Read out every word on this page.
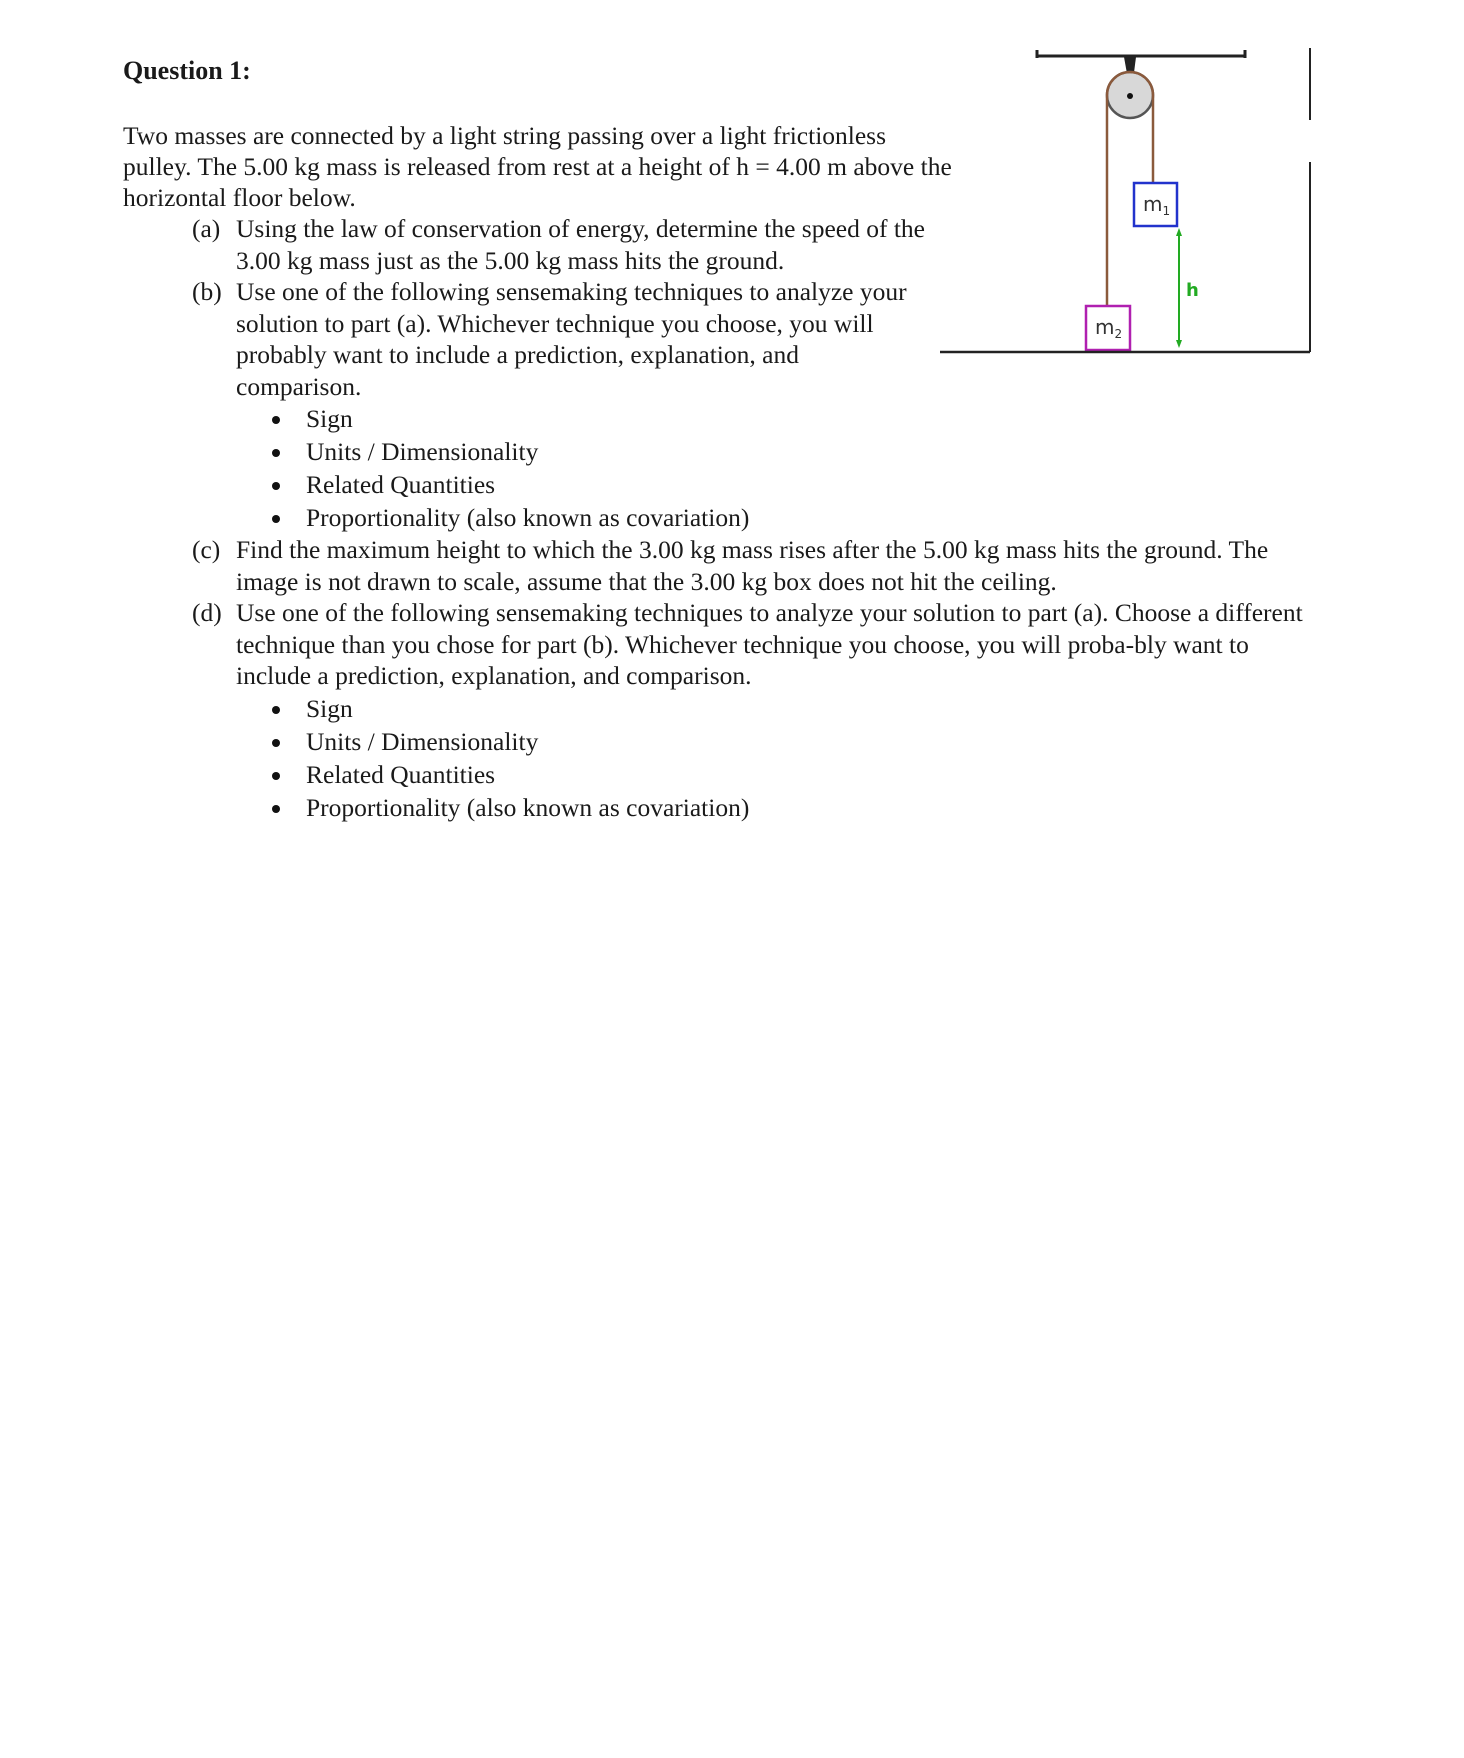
Question 1:

Two masses are connected by a light string passing over a light frictionless pulley. The 5.00 kg mass is released from rest at a height of h = 4.00 m above the horizontal floor below.

(a) Using the law of conservation of energy, determine the speed of the 3.00 kg mass just as the 5.00 kg mass hits the ground.
(b) Use one of the following sensemaking techniques to analyze your solution to part (a). Whichever technique you choose, you will probably want to include a prediction, explanation, and comparison.
Sign
Units / Dimensionality
Related Quantities
Proportionality (also known as covariation)
(c) Find the maximum height to which the 3.00 kg mass rises after the 5.00 kg mass hits the ground. The image is not drawn to scale, assume that the 3.00 kg box does not hit the ceiling.
(d) Use one of the following sensemaking techniques to analyze your solution to part (a). Choose a different technique than you chose for part (b). Whichever technique you choose, you will proba-bly want to include a prediction, explanation, and comparison.
Sign
Units / Dimensionality
Related Quantities
Proportionality (also known as covariation)
$m_1$
$m_2$
h
